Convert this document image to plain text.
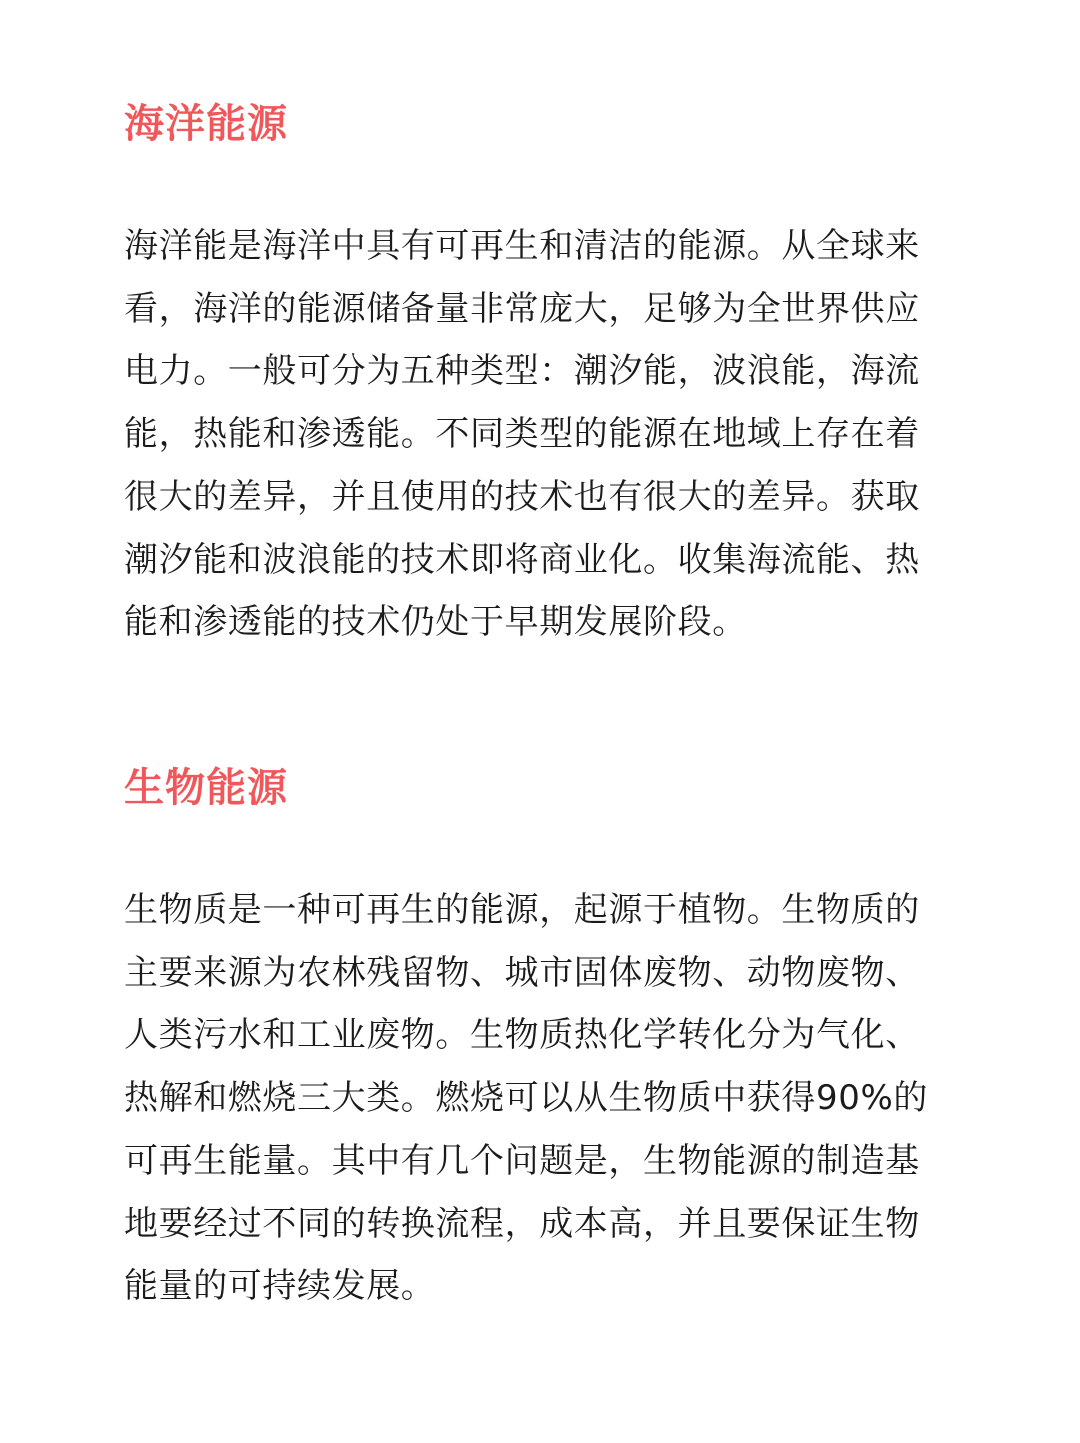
海洋能源

海洋能是海洋中具有可再生和清洁的能源。从全球来看，海洋的能源储备量非常庞大，足够为全世界供应电力。一般可分为五种类型：潮汐能，波浪能，海流能，热能和渗透能。不同类型的能源在地域上存在着很大的差异，并且使用的技术也有很大的差异。获取潮汐能和波浪能的技术即将商业化。收集海流能、热能和渗透能的技术仍处于早期发展阶段。

生物能源

生物质是一种可再生的能源，起源于植物。生物质的主要来源为农林残留物、城市固体废物、动物废物、人类污水和工业废物。生物质热化学转化分为气化、热解和燃烧三大类。燃烧可以从生物质中获得90%的可再生能量。其中有几个问题是，生物能源的制造基地要经过不同的转换流程，成本高，并且要保证生物能量的可持续发展。
